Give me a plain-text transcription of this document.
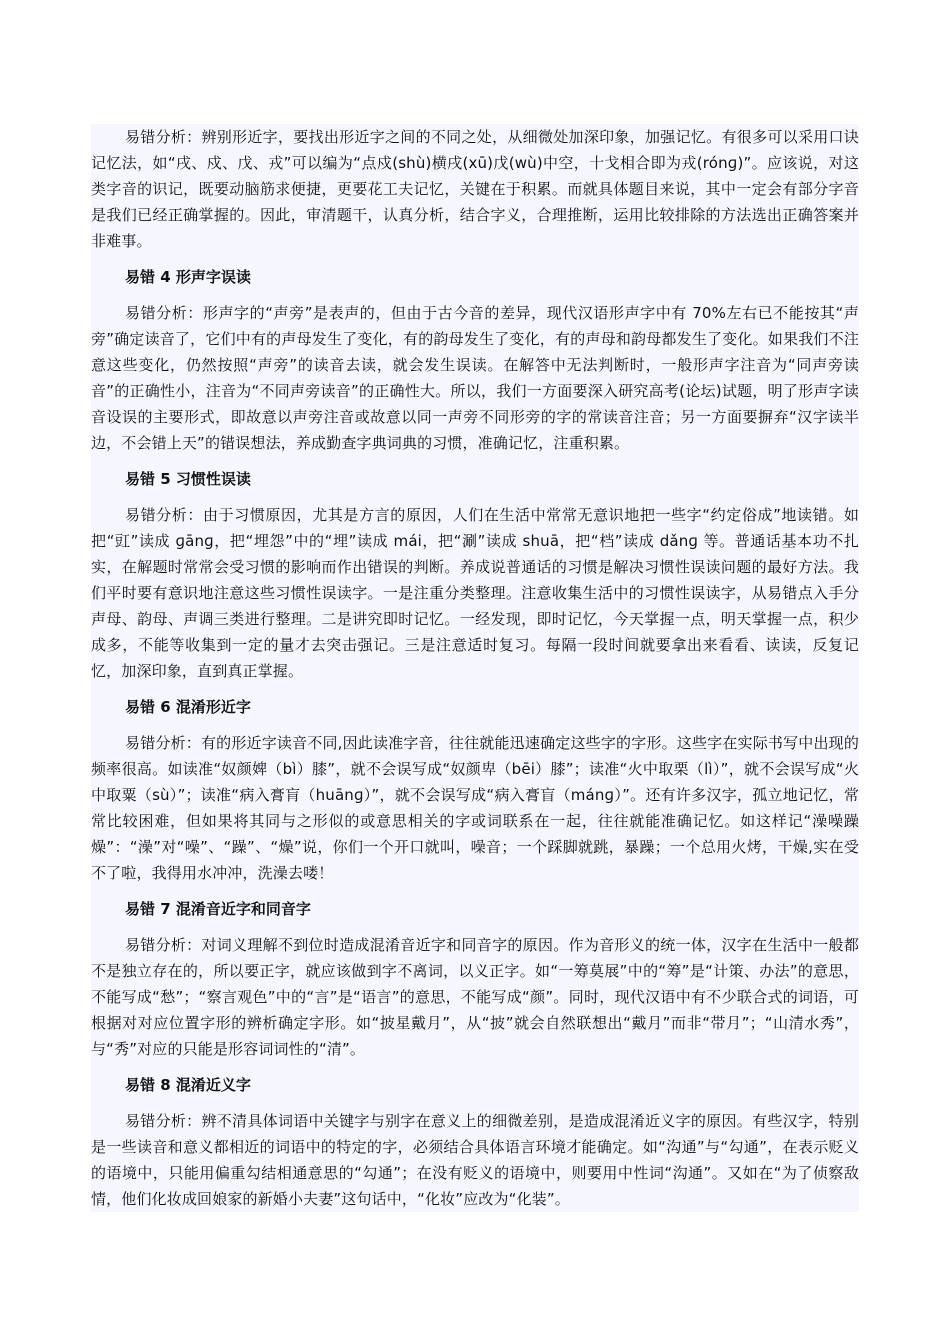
易错分析：辨别形近字，要找出形近字之间的不同之处，从细微处加深印象，加强记忆。有很多可以采用口诀记忆法，如“戌、戍、戊、戎”可以编为“点戍(shù)横戌(xū)戊(wù)中空，十戈相合即为戎(rónɡ)”。应该说，对这类字音的识记，既要动脑筋求便捷，更要花工夫记忆，关键在于积累。而就具体题目来说，其中一定会有部分字音是我们已经正确掌握的。因此，审清题干，认真分析，结合字义，合理推断，运用比较排除的方法选出正确答案并非难事。

易错 4 形声字误读

易错分析：形声字的“声旁”是表声的，但由于古今音的差异，现代汉语形声字中有 70%左右已不能按其“声旁”确定读音了，它们中有的声母发生了变化，有的韵母发生了变化，有的声母和韵母都发生了变化。如果我们不注意这些变化，仍然按照“声旁”的读音去读，就会发生误读。在解答中无法判断时，一般形声字注音为“同声旁读音”的正确性小，注音为“不同声旁读音”的正确性大。所以，我们一方面要深入研究高考(论坛)试题，明了形声字读音设误的主要形式，即故意以声旁注音或故意以同一声旁不同形旁的字的常读音注音；另一方面要摒弃“汉字读半边，不会错上天”的错误想法，养成勤查字典词典的习惯，准确记忆，注重积累。

易错 5 习惯性误读

易错分析：由于习惯原因，尤其是方言的原因，人们在生活中常常无意识地把一些字“约定俗成”地读错。如把“豇”读成 ɡānɡ，把“埋怨”中的“埋”读成 mái，把“涮”读成 shuā，把“档”读成 dǎnɡ 等。普通话基本功不扎实，在解题时常常会受习惯的影响而作出错误的判断。养成说普通话的习惯是解决习惯性误读问题的最好方法。我们平时要有意识地注意这些习惯性误读字。一是注重分类整理。注意收集生活中的习惯性误读字，从易错点入手分声母、韵母、声调三类进行整理。二是讲究即时记忆。一经发现，即时记忆，今天掌握一点，明天掌握一点，积少成多，不能等收集到一定的量才去突击强记。三是注意适时复习。每隔一段时间就要拿出来看看、读读，反复记忆，加深印象，直到真正掌握。

易错 6 混淆形近字

易错分析：有的形近字读音不同,因此读准字音，往往就能迅速确定这些字的字形。这些字在实际书写中出现的频率很高。如读准“奴颜婢（bì）膝”，就不会误写成“奴颜卑（bēi）膝”；读准“火中取栗（lì）”，就不会误写成“火中取粟（sù）”；读准“病入膏肓（huānɡ）”，就不会误写成“病入膏盲（mánɡ）”。还有许多汉字，孤立地记忆，常常比较困难，但如果将其同与之形似的或意思相关的字或词联系在一起，往往就能准确记忆。如这样记“澡噪躁燥”：“澡”对“噪”、“躁”、“燥”说，你们一个开口就叫，噪音；一个踩脚就跳，暴躁；一个总用火烤，干燥,实在受不了啦，我得用水冲冲，洗澡去喽！

易错 7 混淆音近字和同音字

易错分析：对词义理解不到位时造成混淆音近字和同音字的原因。作为音形义的统一体，汉字在生活中一般都不是独立存在的，所以要正字，就应该做到字不离词，以义正字。如“一筹莫展”中的“筹”是“计策、办法”的意思，不能写成“愁”；“察言观色”中的“言”是“语言”的意思，不能写成“颜”。同时，现代汉语中有不少联合式的词语，可根据对对应位置字形的辨析确定字形。如“披星戴月”，从“披”就会自然联想出“戴月”而非“带月”；“山清水秀”，与“秀”对应的只能是形容词词性的“清”。

易错 8 混淆近义字

易错分析：辨不清具体词语中关键字与别字在意义上的细微差别，是造成混淆近义字的原因。有些汉字，特别是一些读音和意义都相近的词语中的特定的字，必须结合具体语言环境才能确定。如“沟通”与“勾通”，在表示贬义的语境中，只能用偏重勾结相通意思的“勾通”；在没有贬义的语境中，则要用中性词“沟通”。又如在“为了侦察敌情，他们化妆成回娘家的新婚小夫妻”这句话中，“化妆”应改为“化装”。
